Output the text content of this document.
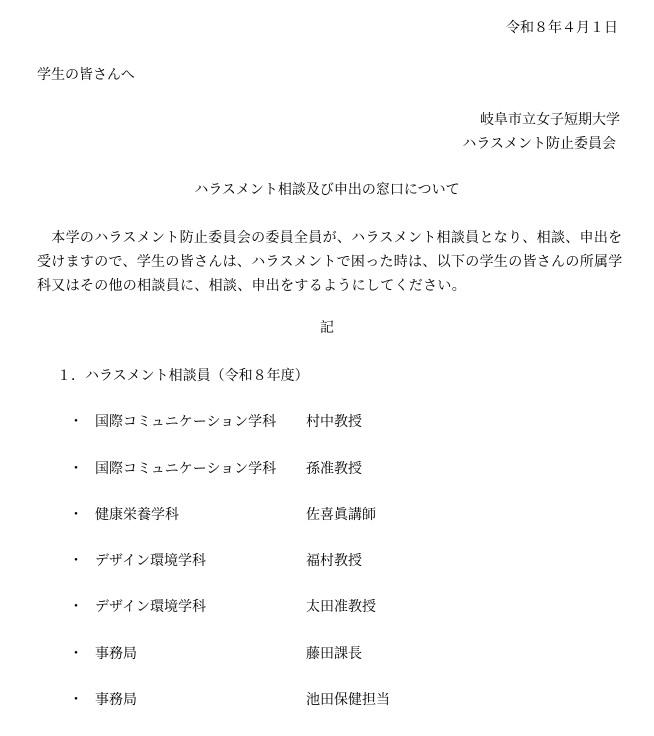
令和８年４月１日
学生の皆さんへ
岐阜市立女子短期大学
ハラスメント防止委員会
ハラスメント相談及び申出の窓口について
　本学のハラスメント防止委員会の委員全員が、ハラスメント相談員となり、相談、申出を
受けますので、学生の皆さんは、ハラスメントで困った時は、以下の学生の皆さんの所属学
科又はその他の相談員に、相談、申出をするようにしてください。
記
１．ハラスメント相談員（令和８年度）
・ 国際コミュニケーション学科 村中教授
・ 国際コミュニケーション学科 孫准教授
・ 健康栄養学科	佐喜眞講師
・ デザイン環境学科	福村教授
・ デザイン環境学科	太田准教授
・ 事務局	藤田課長
・ 事務局	池田保健担当
